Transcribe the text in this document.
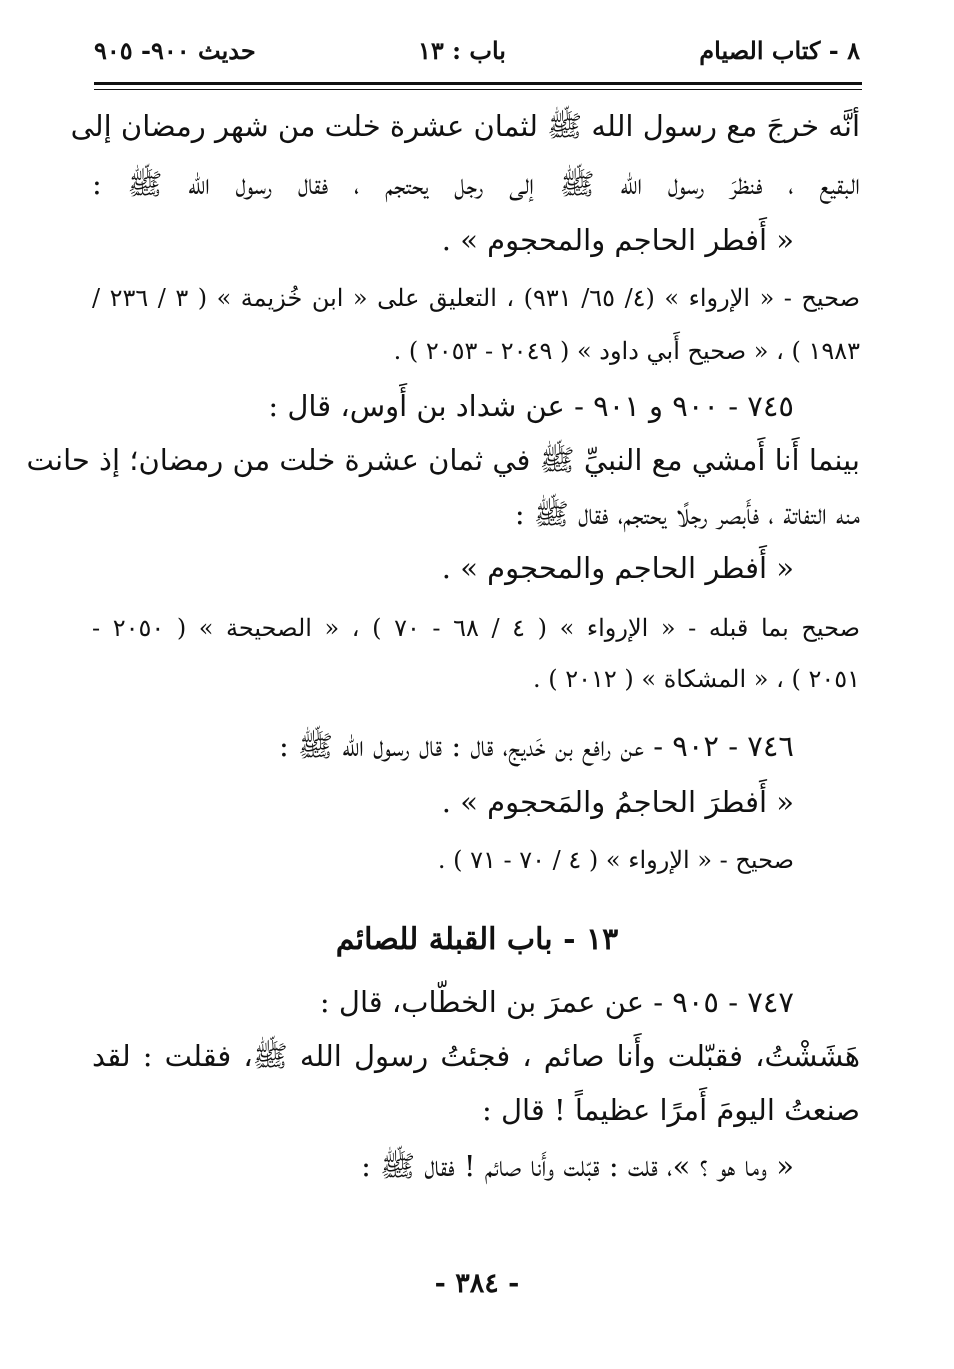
٨ - كتاب الصيام
باب : ١٣
حديث ٩٠٠- ٩٠٥
أنَّه خرجَ مع رسول الله ﷺ لثمان عشرة خلت من شهر رمضان إلى
البقيع ، فنظرَ رسول الله ﷺ إلى رجل يحتجم ، فقال رسول الله ﷺ :
« أَفطر الحاجم والمحجوم » .
صحيح - « الإرواء » (٤/ ٦٥/ ٩٣١) ، التعليق على « ابن خُزيمة » ( ٣ / ٢٣٦ /
١٩٨٣ ) ، « صحيح أَبي داود » ( ٢٠٤٩ - ٢٠٥٣ ) .
٧٤٥ - ٩٠٠ و ٩٠١ - عن شداد بن أَوس، قال :
بينما أَنا أَمشي مع النبيِّ ﷺ في ثمان عشرة خلت من رمضان؛ إذ حانت
منه التفاتة ، فأَبصر رجلًا يحتجم، فقال ﷺ :
« أَفطر الحاجم والمحجوم » .
صحيح بما قبله - « الإرواء » ( ٤ / ٦٨ - ٧٠ ) ، « الصحيحة » ( ٢٠٥٠ -
٢٠٥١ ) ، « المشكاة » ( ٢٠١٢ ) .
٧٤٦ - ٩٠٢ - عن رافع بن خَديج، قال : قال رسول الله ﷺ :
« أَفطرَ الحاجمُ والمَحجوم » .
صحيح - « الإرواء » ( ٤ / ٧٠ - ٧١ ) .
١٣ - باب القبلة للصائم
٧٤٧ - ٩٠٥ - عن عمرَ بن الخطّاب، قال :
هَشَشْتُ، فقبّلت وأَنا صائم ، فجئتُ رسول الله ﷺ، فقلت : لقد
صنعتُ اليومَ أَمرًا عظيماً ! قال :
« وما هو ؟ »، قلت : قبّلت وأَنا صائم ! فقال ﷺ :
- ٣٨٤ -
